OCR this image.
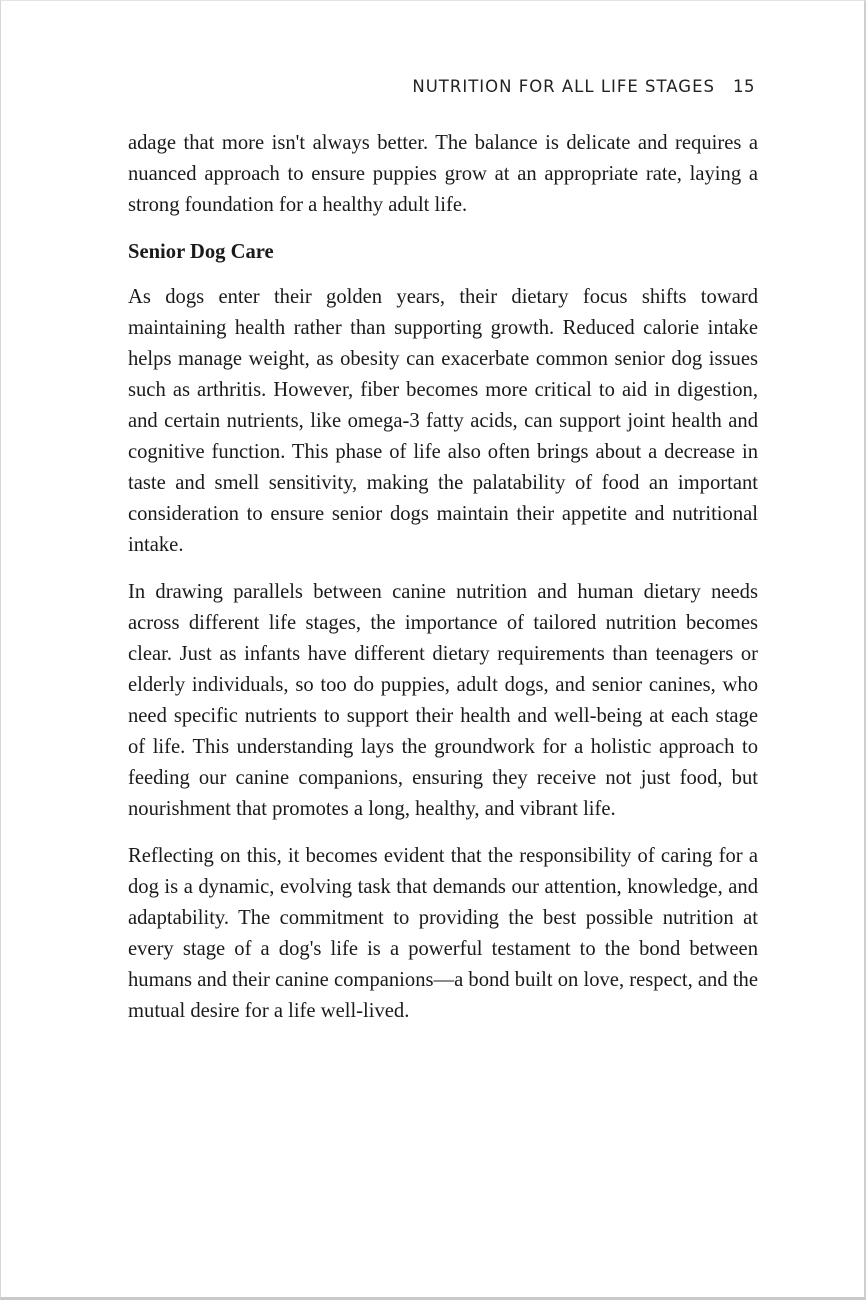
NUTRITION FOR ALL LIFE STAGES 15

adage that more isn't always better. The balance is delicate and requires a nuanced approach to ensure puppies grow at an appropriate rate, laying a strong foundation for a healthy adult life.

Senior Dog Care

As dogs enter their golden years, their dietary focus shifts toward maintaining health rather than supporting growth. Reduced calorie intake helps manage weight, as obesity can exacerbate common senior dog issues such as arthritis. However, fiber becomes more critical to aid in digestion, and certain nutrients, like omega-3 fatty acids, can support joint health and cognitive function. This phase of life also often brings about a decrease in taste and smell sensitivity, making the palatability of food an important consideration to ensure senior dogs maintain their appetite and nutritional intake.

In drawing parallels between canine nutrition and human dietary needs across different life stages, the importance of tailored nutrition becomes clear. Just as infants have different dietary requirements than teenagers or elderly individuals, so too do puppies, adult dogs, and senior canines, who need specific nutrients to support their health and well-being at each stage of life. This understanding lays the groundwork for a holistic approach to feeding our canine companions, ensuring they receive not just food, but nourishment that promotes a long, healthy, and vibrant life.

Reflecting on this, it becomes evident that the responsibility of caring for a dog is a dynamic, evolving task that demands our attention, knowledge, and adaptability. The commitment to providing the best possible nutrition at every stage of a dog's life is a powerful testament to the bond between humans and their canine companions—a bond built on love, respect, and the mutual desire for a life well-lived.
